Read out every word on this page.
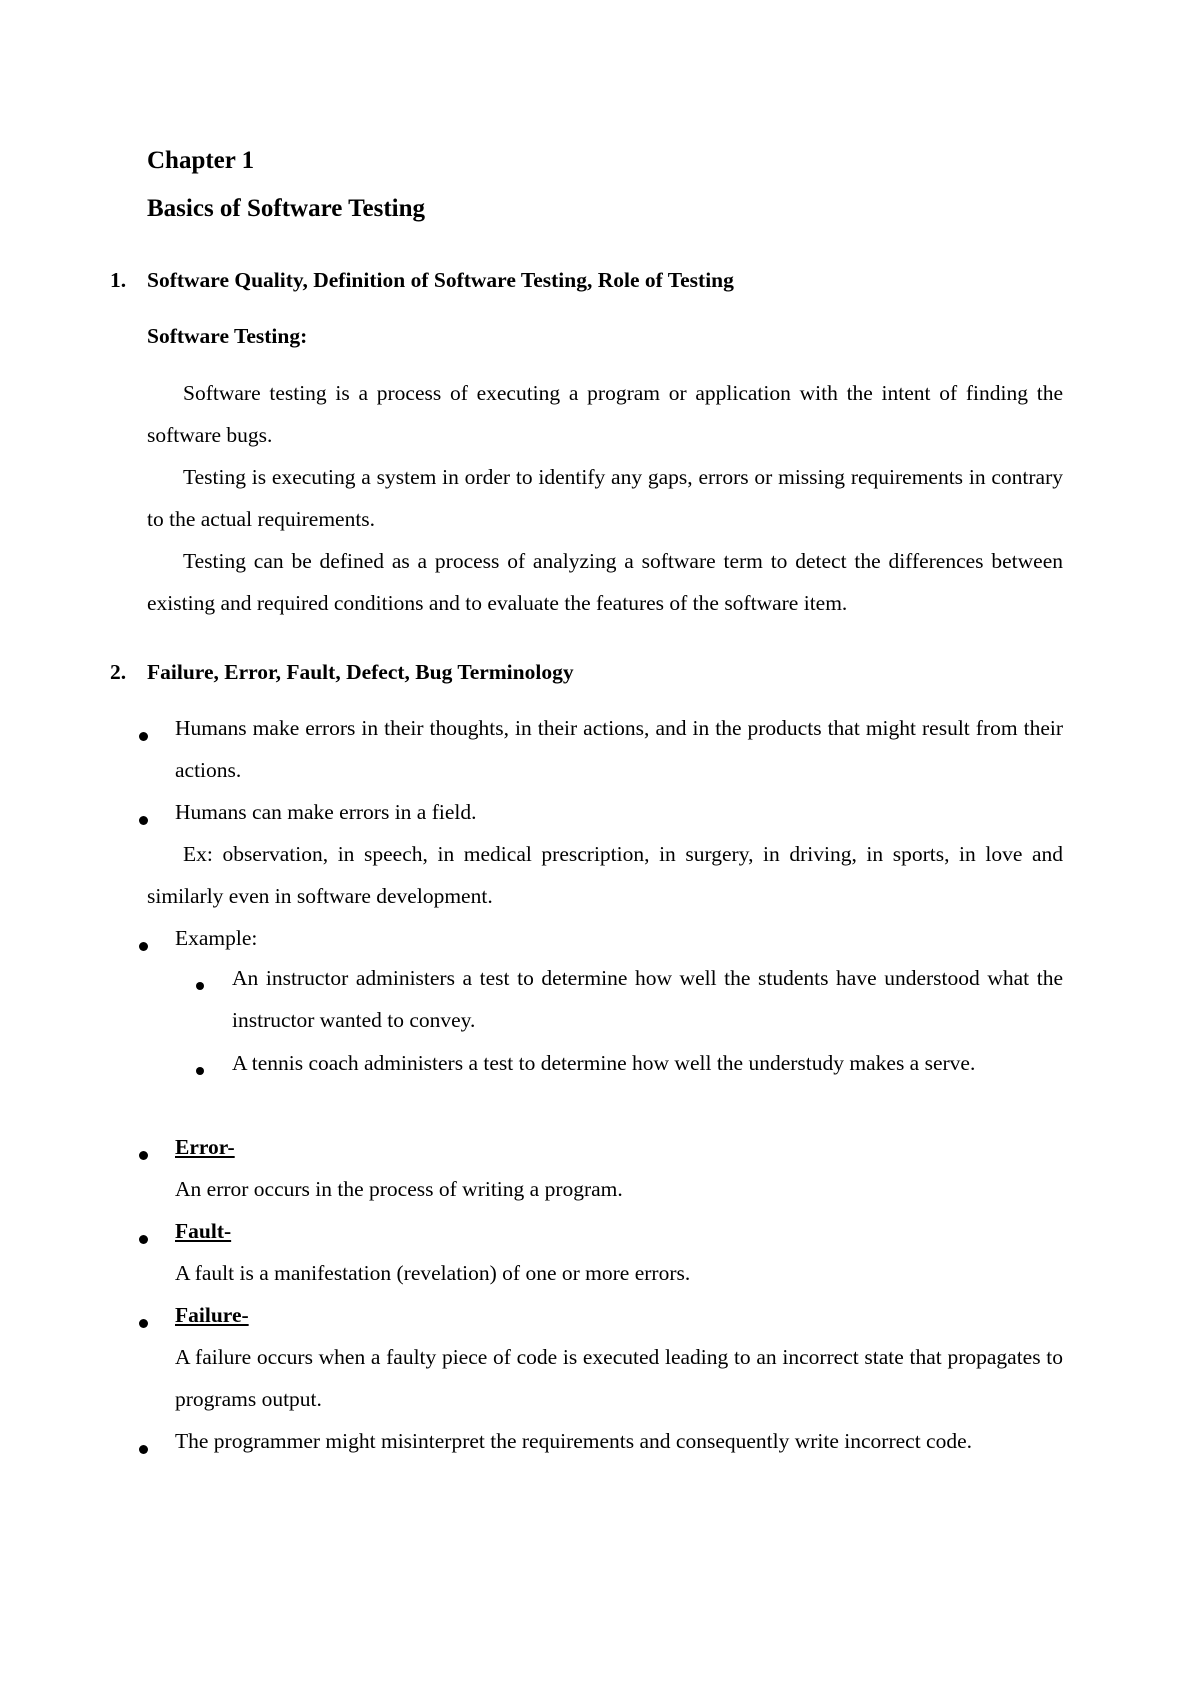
Chapter 1
Basics of Software Testing
1. Software Quality, Definition of Software Testing, Role of Testing
Software Testing:

Software testing is a process of executing a program or application with the intent of finding the software bugs.

Testing is executing a system in order to identify any gaps, errors or missing requirements in contrary to the actual requirements.

Testing can be defined as a process of analyzing a software term to detect the differences between existing and required conditions and to evaluate the features of the software item.

2. Failure, Error, Fault, Defect, Bug Terminology

Humans make errors in their thoughts, in their actions, and in the products that might result from their actions.

Humans can make errors in a field.

Ex: observation, in speech, in medical prescription, in surgery, in driving, in sports, in love and similarly even in software development.

Example:

An instructor administers a test to determine how well the students have understood what the instructor wanted to convey.

A tennis coach administers a test to determine how well the understudy makes a serve.

Error-

An error occurs in the process of writing a program.

Fault-

A fault is a manifestation (revelation) of one or more errors.

Failure-

A failure occurs when a faulty piece of code is executed leading to an incorrect state that propagates to programs output.

The programmer might misinterpret the requirements and consequently write incorrect code.
